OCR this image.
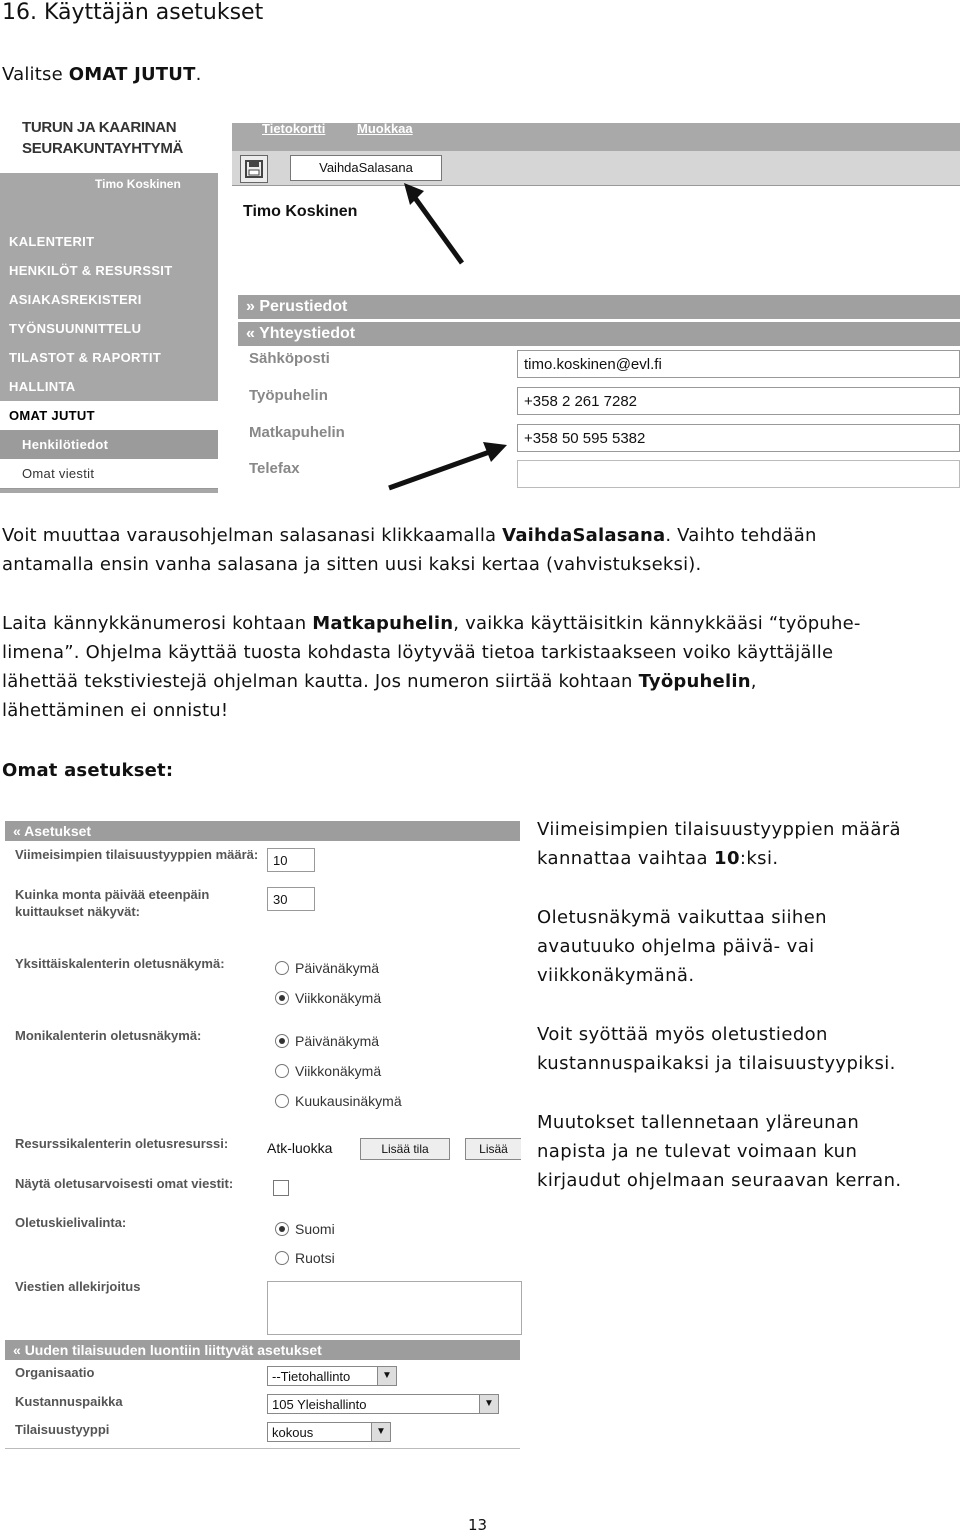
16. Käyttäjän asetukset
Valitse OMAT JUTUT.
TURUN JA KAARINAN
SEURAKUNTAYHTYMÄ
Timo Koskinen
KALENTERIT
HENKILÖT & RESURSSIT
ASIAKASREKISTERI
TYÖNSUUNNITTELU
TILASTOT & RAPORTIT
HALLINTA
OMAT JUTUT
Henkilötiedot
Omat viestit
Tietokortti Muokkaa
VaihdaSalasana
Timo Koskinen
» Perustiedot
« Yhteystiedot
Sähköposti	timo.koskinen@evl.fi
Työpuhelin	+358 2 261 7282
Matkapuhelin	+358 50 595 5382
Telefax
Voit muuttaa varausohjelman salasanasi klikkaamalla VaihdaSalasana. Vaihto tehdään
antamalla ensin vanha salasana ja sitten uusi kaksi kertaa (vahvistukseksi).
Laita kännykkänumerosi kohtaan Matkapuhelin, vaikka käyttäisitkin kännykkääsi “työpuhe-
limena”. Ohjelma käyttää tuosta kohdasta löytyvää tietoa tarkistaakseen voiko käyttäjälle
lähettää tekstiviestejä ohjelman kautta. Jos numeron siirtää kohtaan Työpuhelin,
lähettäminen ei onnistu!
Omat asetukset:
« Asetukset
Viimeisimpien tilaisuustyyppien määrä:	10
Kuinka monta päivää eteenpäin kuittaukset näkyvät:
30
Yksittäiskalenterin oletusnäkymä:	Päivänäkymä
Viikkonäkymä
Monikalenterin oletusnäkymä:	Päivänäkymä
Viikkonäkymä
Kuukausinäkymä
Resurssikalenterin oletusresurssi:	Atk-luokka	Lisää tila	Lisää
Näytä oletusarvoisesti omat viestit:
Oletuskielivalinta:	Suomi
Ruotsi
Viestien allekirjoitus
« Uuden tilaisuuden luontiin liittyvät asetukset
Organisaatio	--Tietohallinto	▼
Kustannuspaikka	105 Yleishallinto	▼
Tilaisuustyyppi	kokous	▼
Viimeisimpien tilaisuustyyppien määrä
kannattaa vaihtaa 10:ksi.
Oletusnäkymä vaikuttaa siihen
avautuuko ohjelma päivä- vai
viikkonäkymänä.
Voit syöttää myös oletustiedon
kustannuspaikaksi ja tilaisuustyypiksi.
Muutokset tallennetaan yläreunan
napista ja ne tulevat voimaan kun
kirjaudut ohjelmaan seuraavan kerran.
13
